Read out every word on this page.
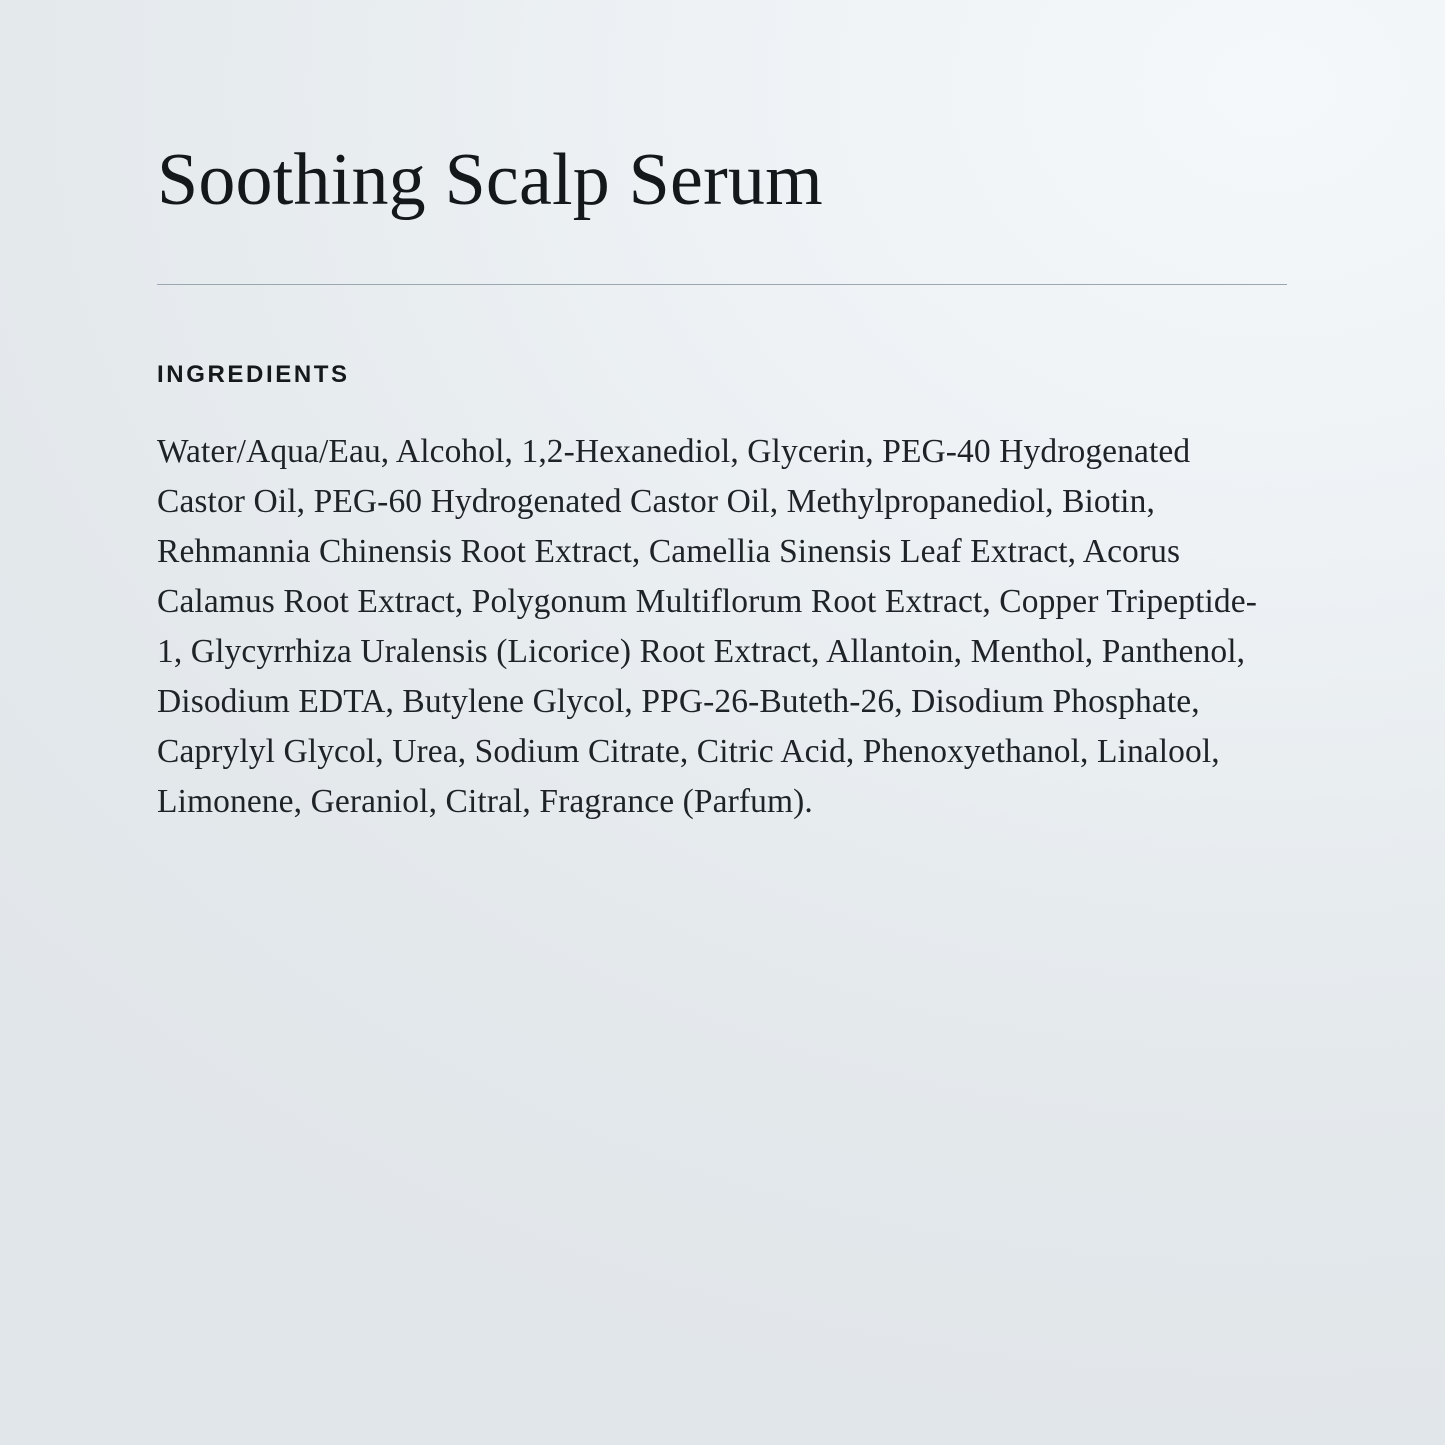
Soothing Scalp Serum
INGREDIENTS

Water/Aqua/Eau, Alcohol, 1,2-Hexanediol, Glycerin, PEG-40 Hydrogenated Castor Oil, PEG-60 Hydrogenated Castor Oil, Methylpropanediol, Biotin, Rehmannia Chinensis Root Extract, Camellia Sinensis Leaf Extract, Acorus Calamus Root Extract, Polygonum Multiflorum Root Extract, Copper Tripeptide-1, Glycyrrhiza Uralensis (Licorice) Root Extract, Allantoin, Menthol, Panthenol, Disodium EDTA, Butylene Glycol, PPG-26-Buteth-26, Disodium Phosphate, Caprylyl Glycol, Urea, Sodium Citrate, Citric Acid, Phenoxyethanol, Linalool, Limonene, Geraniol, Citral, Fragrance (Parfum).
